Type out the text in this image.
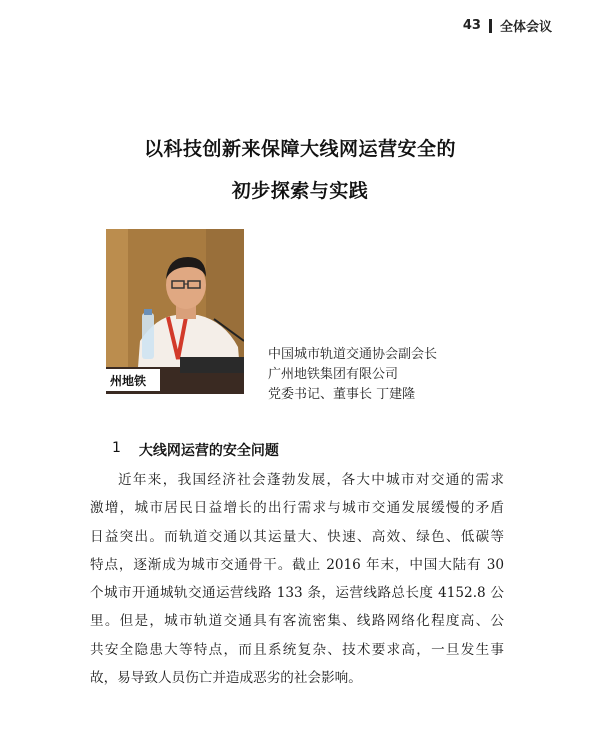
43 全体会议
以科技创新来保障大线网运营安全的
初步探索与实践
州地铁
中国城市轨道交通协会副会长
广州地铁集团有限公司
党委书记、董事长 丁建隆
1 大线网运营的安全问题
近年来，我国经济社会蓬勃发展，各大中城市对交通的需求
激增，城市居民日益增长的出行需求与城市交通发展缓慢的矛盾
日益突出。而轨道交通以其运量大、快速、高效、绿色、低碳等
特点，逐渐成为城市交通骨干。截止 2016 年末，中国大陆有 30
个城市开通城轨交通运营线路 133 条，运营线路总长度 4152.8 公
里。但是，城市轨道交通具有客流密集、线路网络化程度高、公
共安全隐患大等特点，而且系统复杂、技术要求高，一旦发生事
故，易导致人员伤亡并造成恶劣的社会影响。
